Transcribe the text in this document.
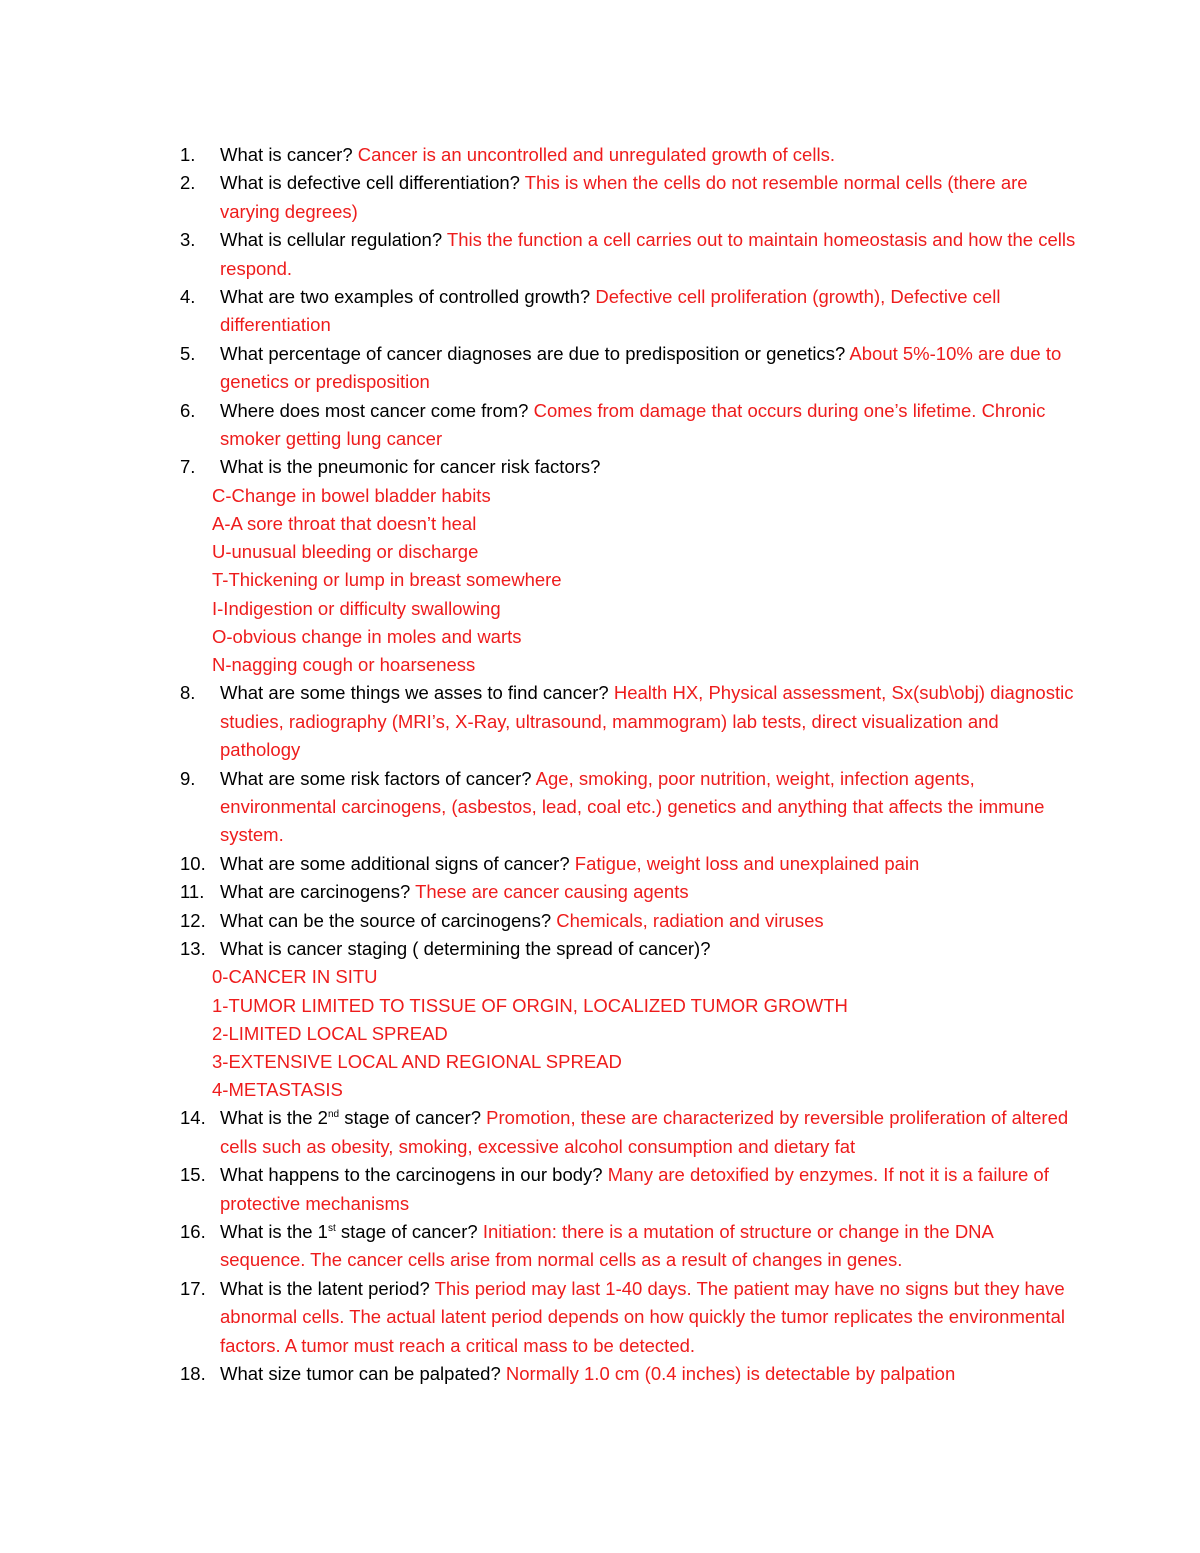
1.	What is cancer? Cancer is an uncontrolled and unregulated growth of cells.
2.	What is defective cell differentiation? This is when the cells do not resemble normal cells (there are varying degrees)
3.	What is cellular regulation? This the function a cell carries out to maintain homeostasis and how the cells respond.
4.	What are two examples of controlled growth? Defective cell proliferation (growth), Defective cell differentiation
5.	What percentage of cancer diagnoses are due to predisposition or genetics? About 5%-10% are due to genetics or predisposition
6.	Where does most cancer come from? Comes from damage that occurs during one’s lifetime. Chronic smoker getting lung cancer
7.	What is the pneumonic for cancer risk factors?
C-Change in bowel bladder habits
A-A sore throat that doesn’t heal
U-unusual bleeding or discharge
T-Thickening or lump in breast somewhere
I-Indigestion or difficulty swallowing
O-obvious change in moles and warts
N-nagging cough or hoarseness
8.	What are some things we asses to find cancer? Health HX, Physical assessment, Sx(sub\obj) diagnostic studies, radiography (MRI’s, X-Ray, ultrasound, mammogram) lab tests, direct visualization and pathology
9.	What are some risk factors of cancer? Age, smoking, poor nutrition, weight, infection agents, environmental carcinogens, (asbestos, lead, coal etc.) genetics and anything that affects the immune system.
10. What are some additional signs of cancer? Fatigue, weight loss and unexplained pain
11. What are carcinogens? These are cancer causing agents
12. What can be the source of carcinogens? Chemicals, radiation and viruses
13. What is cancer staging ( determining the spread of cancer)?
0-CANCER IN SITU
1-TUMOR LIMITED TO TISSUE OF ORGIN, LOCALIZED TUMOR GROWTH
2-LIMITED LOCAL SPREAD
3-EXTENSIVE LOCAL AND REGIONAL SPREAD
4-METASTASIS
14. What is the 2nd stage of cancer? Promotion, these are characterized by reversible proliferation of altered cells such as obesity, smoking, excessive alcohol consumption and dietary fat
15. What happens to the carcinogens in our body? Many are detoxified by enzymes. If not it is a failure of protective mechanisms
16. What is the 1st stage of cancer? Initiation: there is a mutation of structure or change in the DNA sequence. The cancer cells arise from normal cells as a result of changes in genes.
17. What is the latent period? This period may last 1-40 days. The patient may have no signs but they have abnormal cells. The actual latent period depends on how quickly the tumor replicates the environmental factors. A tumor must reach a critical mass to be detected.
18. What size tumor can be palpated? Normally 1.0 cm (0.4 inches) is detectable by palpation
